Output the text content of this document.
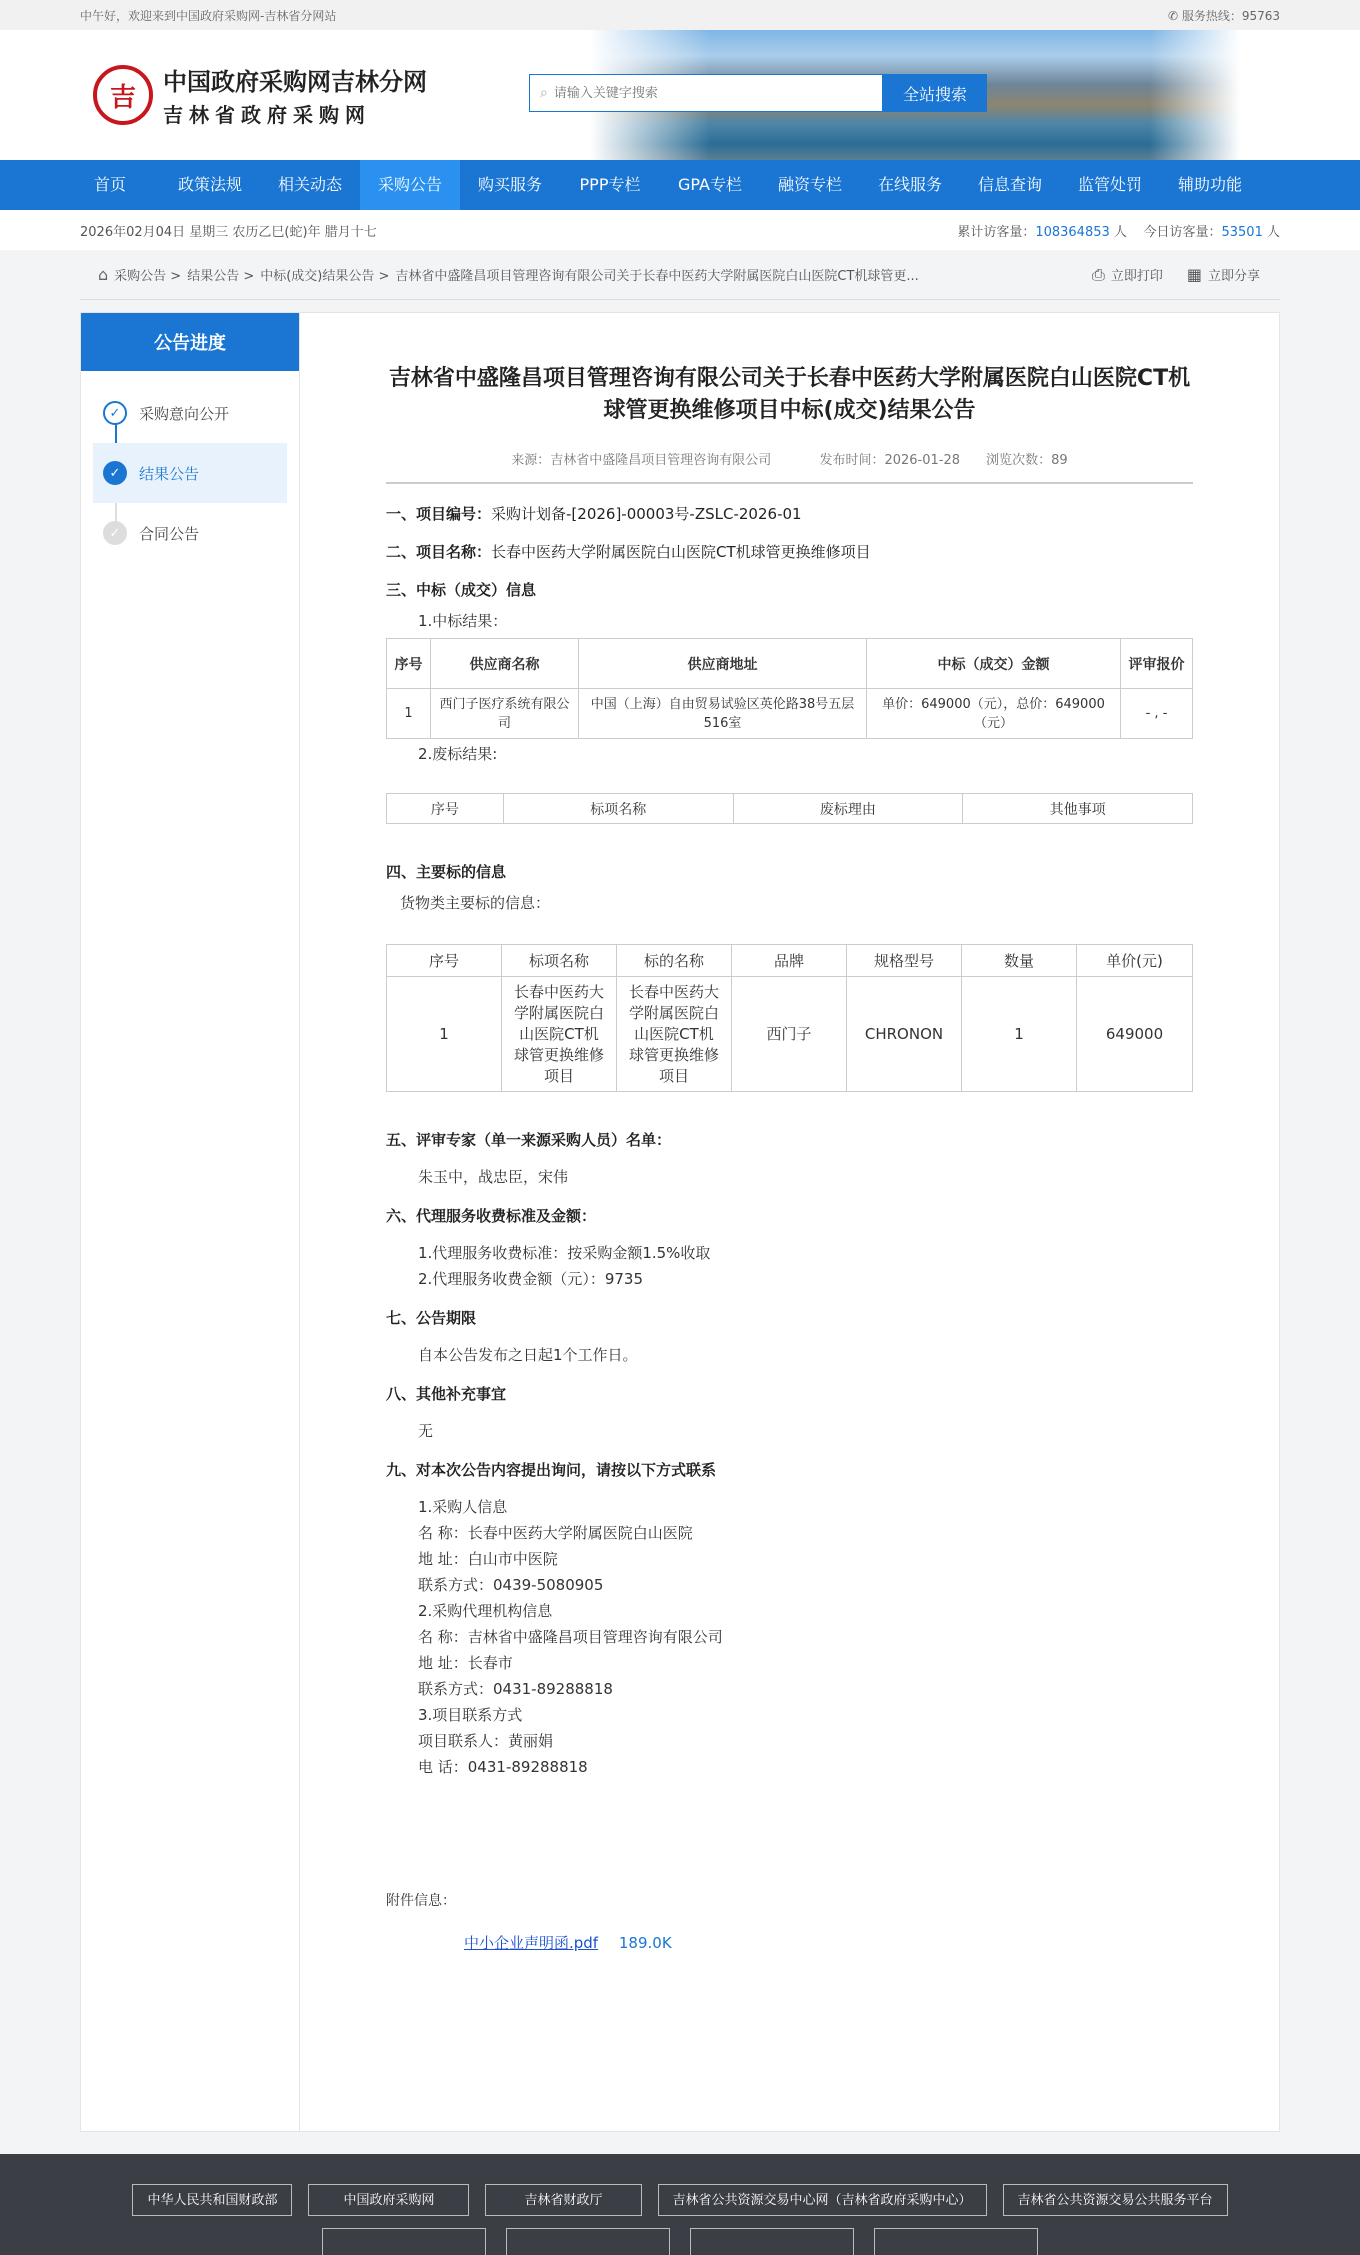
中午好，欢迎来到中国政府采购网-吉林省分网站	✆ 服务热线：95763
吉
中国政府采购网吉林分网
吉林省政府采购网
⌕
请输入关键字搜索	全站搜索
首页	政策法规	相关动态	采购公告	购买服务	PPP专栏	GPA专栏	融资专栏	在线服务	信息查询	监管处罚	辅助功能
2026年02月04日 星期三 农历乙巳(蛇)年 腊月十七	累计访客量：108364853 人 今日访客量：53501 人
⌂ 采购公告 > 结果公告 > 中标(成交)结果公告 > 吉林省中盛隆昌项目管理咨询有限公司关于长春中医药大学附属医院白山医院CT机球管更...	⎙ 立即打印 ▦ 立即分享
公告进度
✓	采购意向公开
✓	结果公告
✓	合同公告
吉林省中盛隆昌项目管理咨询有限公司关于长春中医药大学附属医院白山医院CT机球管更换维修项目中标(成交)结果公告
来源：吉林省中盛隆昌项目管理咨询有限公司	发布时间：2026-01-28 浏览次数：89
一、项目编号：采购计划备-[2026]-00003号-ZSLC-2026-01
二、项目名称：长春中医药大学附属医院白山医院CT机球管更换维修项目
三、中标（成交）信息
1.中标结果：
序号	供应商名称	供应商地址	中标（成交）金额	评审报价
1	西门子医疗系统有限公司	中国（上海）自由贸易试验区英伦路38号五层516室	单价：649000（元），总价：649000（元）	- , -
2.废标结果:
序号	标项名称	废标理由	其他事项
四、主要标的信息
货物类主要标的信息：
序号	标项名称	标的名称	品牌	规格型号	数量	单价(元)
1	长春中医药大学附属医院白山医院CT机球管更换维修项目	长春中医药大学附属医院白山医院CT机球管更换维修项目	西门子	CHRONON	1	649000
五、评审专家（单一来源采购人员）名单：
朱玉中，战忠臣，宋伟
六、代理服务收费标准及金额：
1.代理服务收费标准：按采购金额1.5%收取
2.代理服务收费金额（元）：9735
七、公告期限
自本公告发布之日起1个工作日。
八、其他补充事宜
无
九、对本次公告内容提出询问，请按以下方式联系
1.采购人信息
名 称：长春中医药大学附属医院白山医院
地 址：白山市中医院
联系方式：0439-5080905
2.采购代理机构信息
名 称：吉林省中盛隆昌项目管理咨询有限公司
地 址：长春市
联系方式：0431-89288818
3.项目联系方式
项目联系人：黄丽娟
电 话：0431-89288818
附件信息：
中小企业声明函.pdf 189.0K
中华人民共和国财政部	中国政府采购网	吉林省财政厅	吉林省公共资源交易中心网（吉林省政府采购中心）	吉林省公共资源交易公共服务平台
